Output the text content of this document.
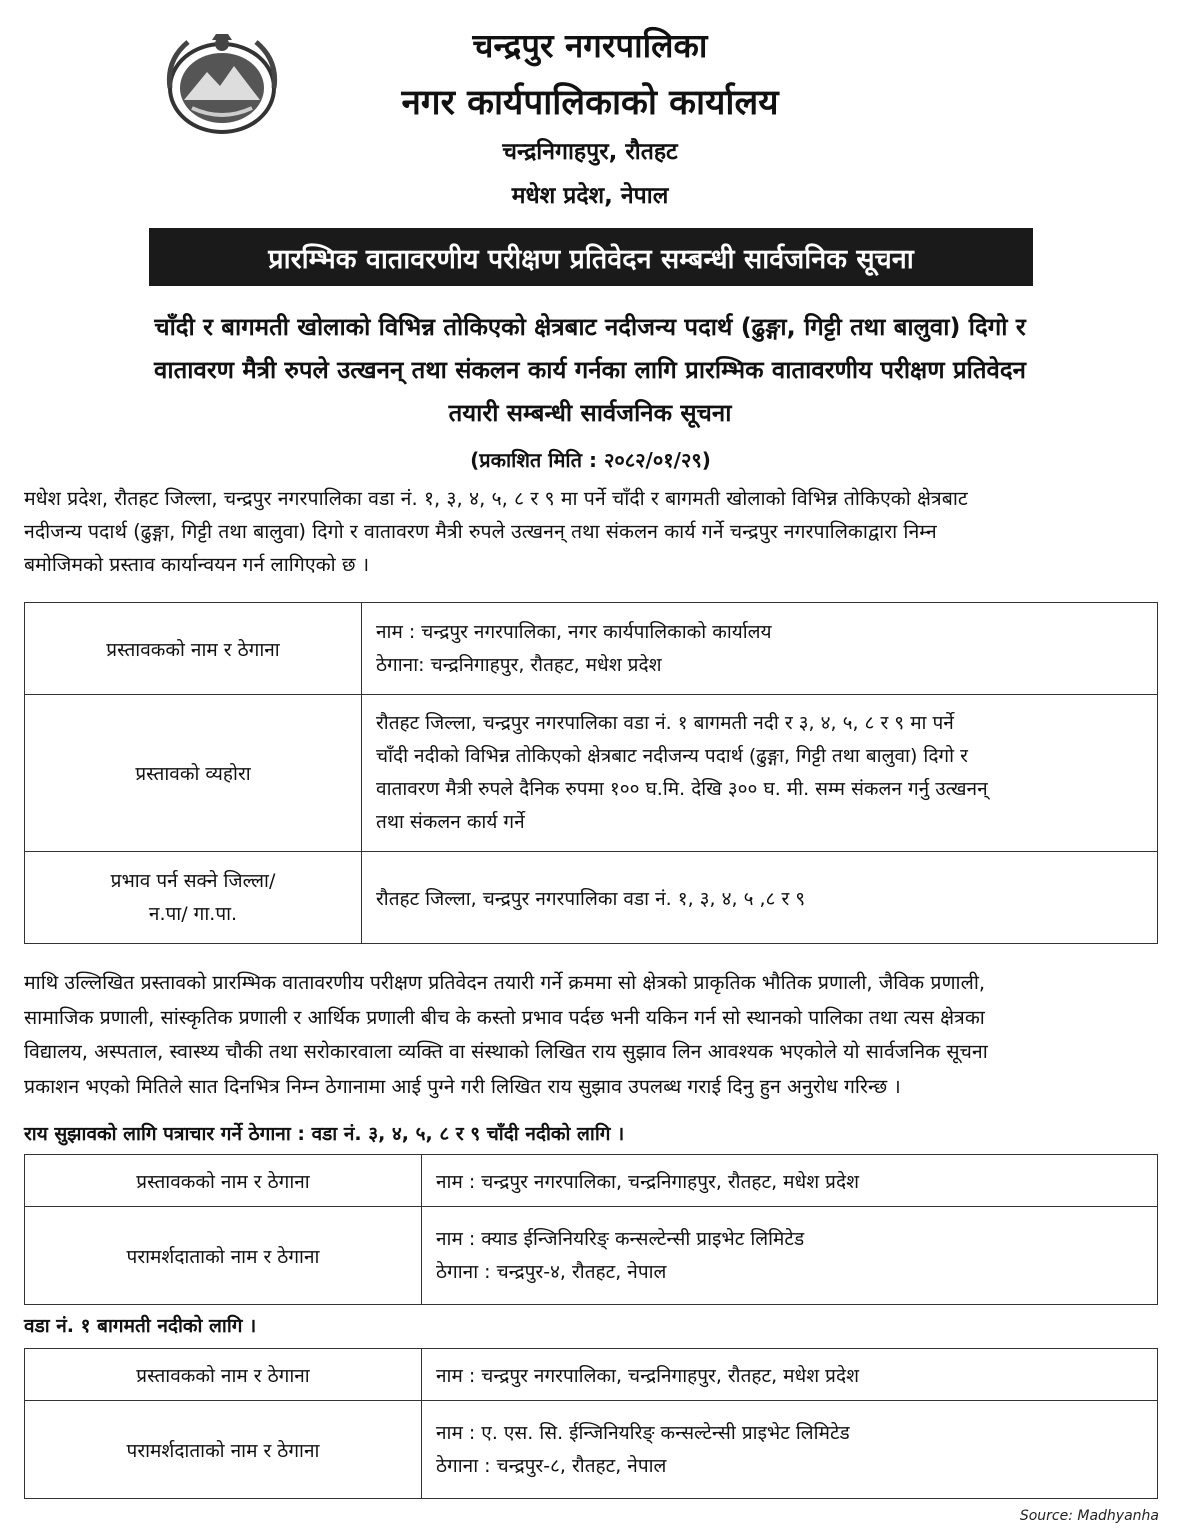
चन्द्रपुर नगरपालिका
नगर कार्यपालिकाको कार्यालय
चन्द्रनिगाहपुर, रौतहट
मधेश प्रदेश, नेपाल
प्रारम्भिक वातावरणीय परीक्षण प्रतिवेदन सम्बन्धी सार्वजनिक सूचना
चाँदी र बागमती खोलाको विभिन्न तोकिएको क्षेत्रबाट नदीजन्य पदार्थ (ढुङ्गा, गिट्टी तथा बालुवा) दिगो र
वातावरण मैत्री रुपले उत्खनन् तथा संकलन कार्य गर्नका लागि प्रारम्भिक वातावरणीय परीक्षण प्रतिवेदन
तयारी सम्बन्धी सार्वजनिक सूचना
(प्रकाशित मिति : २०८२/०१/२९)
मधेश प्रदेश, रौतहट जिल्ला, चन्द्रपुर नगरपालिका वडा नं. १, ३, ४, ५, ८ र ९ मा पर्ने चाँदी र बागमती खोलाको विभिन्न तोकिएको क्षेत्रबाट
नदीजन्य पदार्थ (ढुङ्गा, गिट्टी तथा बालुवा) दिगो र वातावरण मैत्री रुपले उत्खनन् तथा संकलन कार्य गर्ने चन्द्रपुर नगरपालिकाद्वारा निम्न
बमोजिमको प्रस्ताव कार्यान्वयन गर्न लागिएको छ ।
प्रस्तावकको नाम र ठेगाना	नाम : चन्द्रपुर नगरपालिका, नगर कार्यपालिकाको कार्यालय
ठेगाना: चन्द्रनिगाहपुर, रौतहट, मधेश प्रदेश

प्रस्तावको व्यहोरा	रौतहट जिल्ला, चन्द्रपुर नगरपालिका वडा नं. १ बागमती नदी र ३, ४, ५, ८ र ९ मा पर्ने
चाँदी नदीको विभिन्न तोकिएको क्षेत्रबाट नदीजन्य पदार्थ (ढुङ्गा, गिट्टी तथा बालुवा) दिगो र
वातावरण मैत्री रुपले दैनिक रुपमा १०० घ.मि. देखि ३०० घ. मी. सम्म संकलन गर्नु उत्खनन्
तथा संकलन कार्य गर्ने

प्रभाव पर्न सक्ने जिल्ला/
न.पा/ गा.पा.	रौतहट जिल्ला, चन्द्रपुर नगरपालिका वडा नं. १, ३, ४, ५ ,८ र ९
माथि उल्लिखित प्रस्तावको प्रारम्भिक वातावरणीय परीक्षण प्रतिवेदन तयारी गर्ने क्रममा सो क्षेत्रको प्राकृतिक भौतिक प्रणाली, जैविक प्रणाली,
सामाजिक प्रणाली, सांस्कृतिक प्रणाली र आर्थिक प्रणाली बीच के कस्तो प्रभाव पर्दछ भनी यकिन गर्न सो स्थानको पालिका तथा त्यस क्षेत्रका
विद्यालय, अस्पताल, स्वास्थ्य चौकी तथा सरोकारवाला व्यक्ति वा संस्थाको लिखित राय सुझाव लिन आवश्यक भएकोले यो सार्वजनिक सूचना
प्रकाशन भएको मितिले सात दिनभित्र निम्न ठेगानामा आई पुग्ने गरी लिखित राय सुझाव उपलब्ध गराई दिनु हुन अनुरोध गरिन्छ ।
राय सुझावको लागि पत्राचार गर्ने ठेगाना : वडा नं. ३, ४, ५, ८ र ९ चाँदी नदीको लागि ।
प्रस्तावकको नाम र ठेगाना	नाम : चन्द्रपुर नगरपालिका, चन्द्रनिगाहपुर, रौतहट, मधेश प्रदेश
परामर्शदाताको नाम र ठेगाना	नाम : क्याड ईन्जिनियरिङ् कन्सल्टेन्सी प्राइभेट लिमिटेड
ठेगाना : चन्द्रपुर-४, रौतहट, नेपाल
वडा नं. १ बागमती नदीको लागि ।
प्रस्तावकको नाम र ठेगाना	नाम : चन्द्रपुर नगरपालिका, चन्द्रनिगाहपुर, रौतहट, मधेश प्रदेश
परामर्शदाताको नाम र ठेगाना	नाम : ए. एस. सि. ईन्जिनियरिङ् कन्सल्टेन्सी प्राइभेट लिमिटेड
ठेगाना : चन्द्रपुर-८, रौतहट, नेपाल
Source: Madhyanha
